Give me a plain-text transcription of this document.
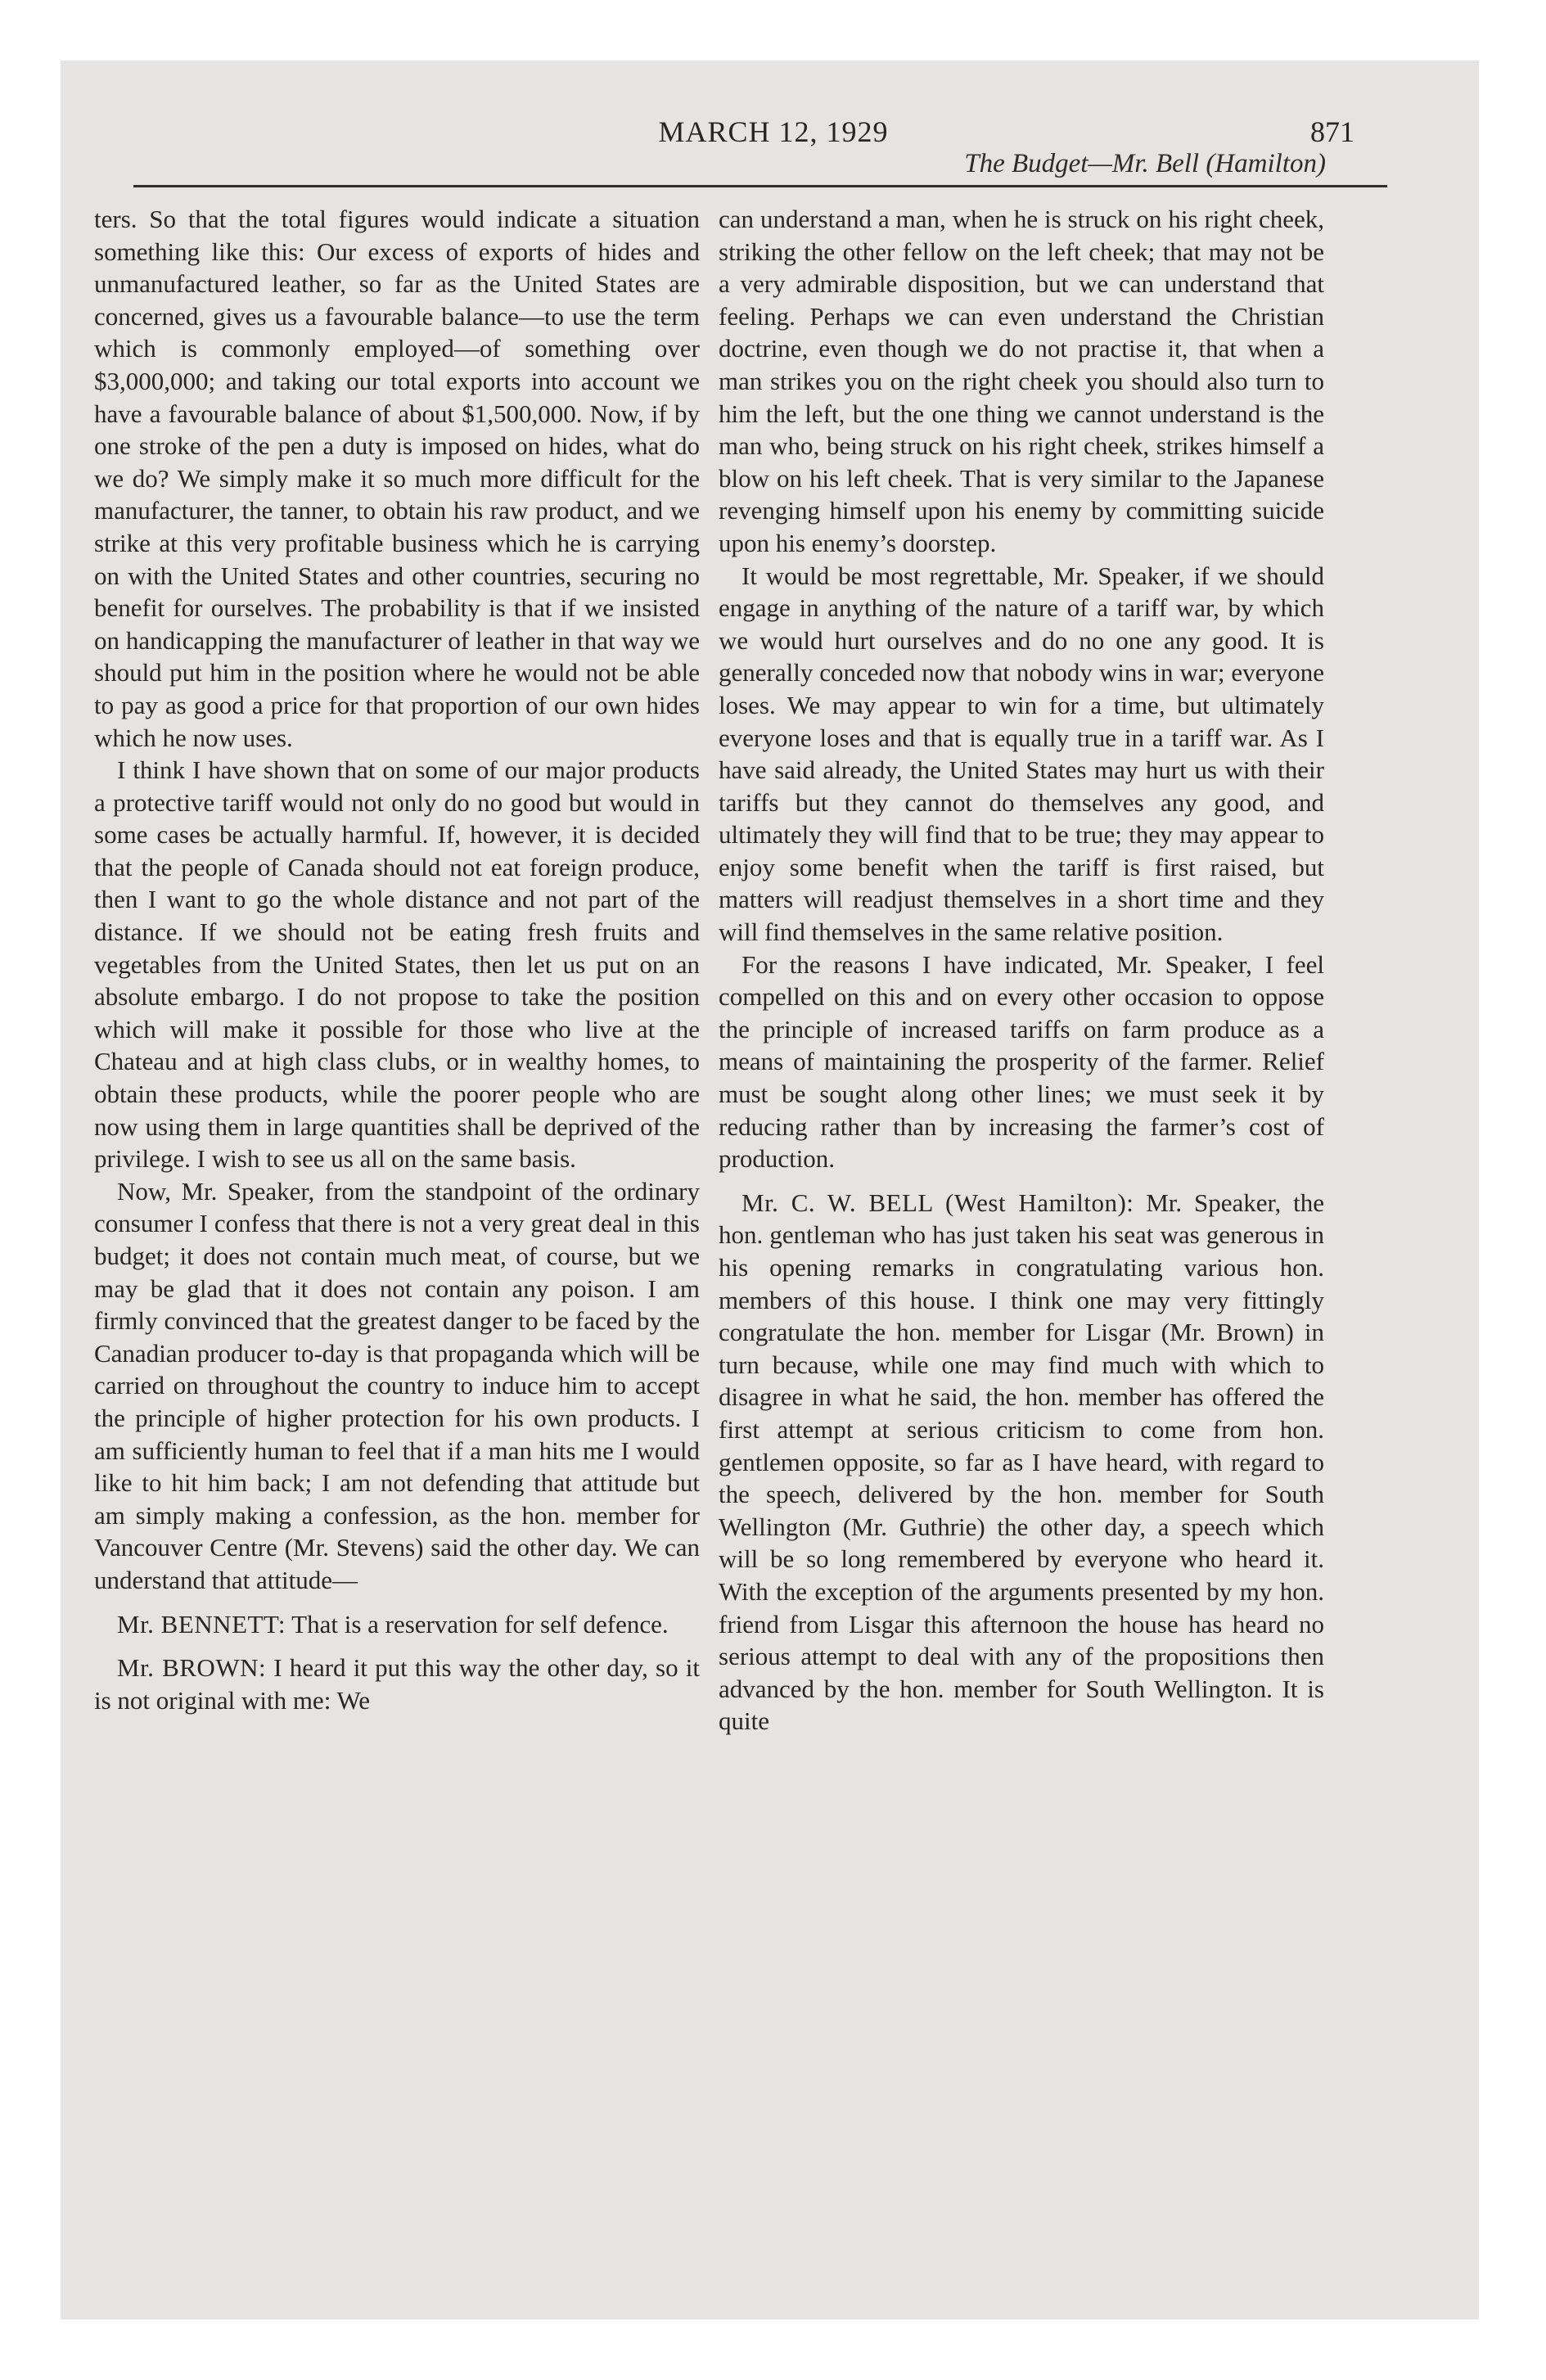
MARCH 12, 1929	871
The Budget—Mr. Bell (Hamilton)

ters. So that the total figures would indicate a situation something like this: Our excess of exports of hides and unmanufactured leather, so far as the United States are concerned, gives us a favourable balance—to use the term which is commonly employed—of something over $3,000,000; and taking our total exports into account we have a favourable balance of about $1,500,000. Now, if by one stroke of the pen a duty is imposed on hides, what do we do? We simply make it so much more difficult for the manufacturer, the tanner, to obtain his raw product, and we strike at this very profitable business which he is carrying on with the United States and other countries, securing no benefit for ourselves. The probability is that if we insisted on handicapping the manufacturer of leather in that way we should put him in the position where he would not be able to pay as good a price for that proportion of our own hides which he now uses.

I think I have shown that on some of our major products a protective tariff would not only do no good but would in some cases be actually harmful. If, however, it is decided that the people of Canada should not eat foreign produce, then I want to go the whole distance and not part of the distance. If we should not be eating fresh fruits and vegetables from the United States, then let us put on an absolute embargo. I do not propose to take the position which will make it possible for those who live at the Chateau and at high class clubs, or in wealthy homes, to obtain these products, while the poorer people who are now using them in large quantities shall be deprived of the privilege. I wish to see us all on the same basis.

Now, Mr. Speaker, from the standpoint of the ordinary consumer I confess that there is not a very great deal in this budget; it does not contain much meat, of course, but we may be glad that it does not contain any poison. I am firmly convinced that the greatest danger to be faced by the Canadian producer to-day is that propaganda which will be carried on throughout the country to induce him to accept the principle of higher protection for his own products. I am sufficiently human to feel that if a man hits me I would like to hit him back; I am not defending that attitude but am simply making a confession, as the hon. member for Vancouver Centre (Mr. Stevens) said the other day. We can understand that attitude—

Mr. BENNETT: That is a reservation for self defence.

Mr. BROWN: I heard it put this way the other day, so it is not original with me: We

can understand a man, when he is struck on his right cheek, striking the other fellow on the left cheek; that may not be a very admirable disposition, but we can understand that feeling. Perhaps we can even understand the Christian doctrine, even though we do not practise it, that when a man strikes you on the right cheek you should also turn to him the left, but the one thing we cannot understand is the man who, being struck on his right cheek, strikes himself a blow on his left cheek. That is very similar to the Japanese revenging himself upon his enemy by committing suicide upon his enemy’s doorstep.

It would be most regrettable, Mr. Speaker, if we should engage in anything of the nature of a tariff war, by which we would hurt ourselves and do no one any good. It is generally conceded now that nobody wins in war; everyone loses. We may appear to win for a time, but ultimately everyone loses and that is equally true in a tariff war. As I have said already, the United States may hurt us with their tariffs but they cannot do themselves any good, and ultimately they will find that to be true; they may appear to enjoy some benefit when the tariff is first raised, but matters will readjust themselves in a short time and they will find themselves in the same relative position.

For the reasons I have indicated, Mr. Speaker, I feel compelled on this and on every other occasion to oppose the principle of increased tariffs on farm produce as a means of maintaining the prosperity of the farmer. Relief must be sought along other lines; we must seek it by reducing rather than by increasing the farmer’s cost of production.

Mr. C. W. BELL (West Hamilton): Mr. Speaker, the hon. gentleman who has just taken his seat was generous in his opening remarks in congratulating various hon. members of this house. I think one may very fittingly congratulate the hon. member for Lisgar (Mr. Brown) in turn because, while one may find much with which to disagree in what he said, the hon. member has offered the first attempt at serious criticism to come from hon. gentlemen opposite, so far as I have heard, with regard to the speech, delivered by the hon. member for South Wellington (Mr. Guthrie) the other day, a speech which will be so long remembered by everyone who heard it. With the exception of the arguments presented by my hon. friend from Lisgar this afternoon the house has heard no serious attempt to deal with any of the propositions then advanced by the hon. member for South Wellington. It is quite
